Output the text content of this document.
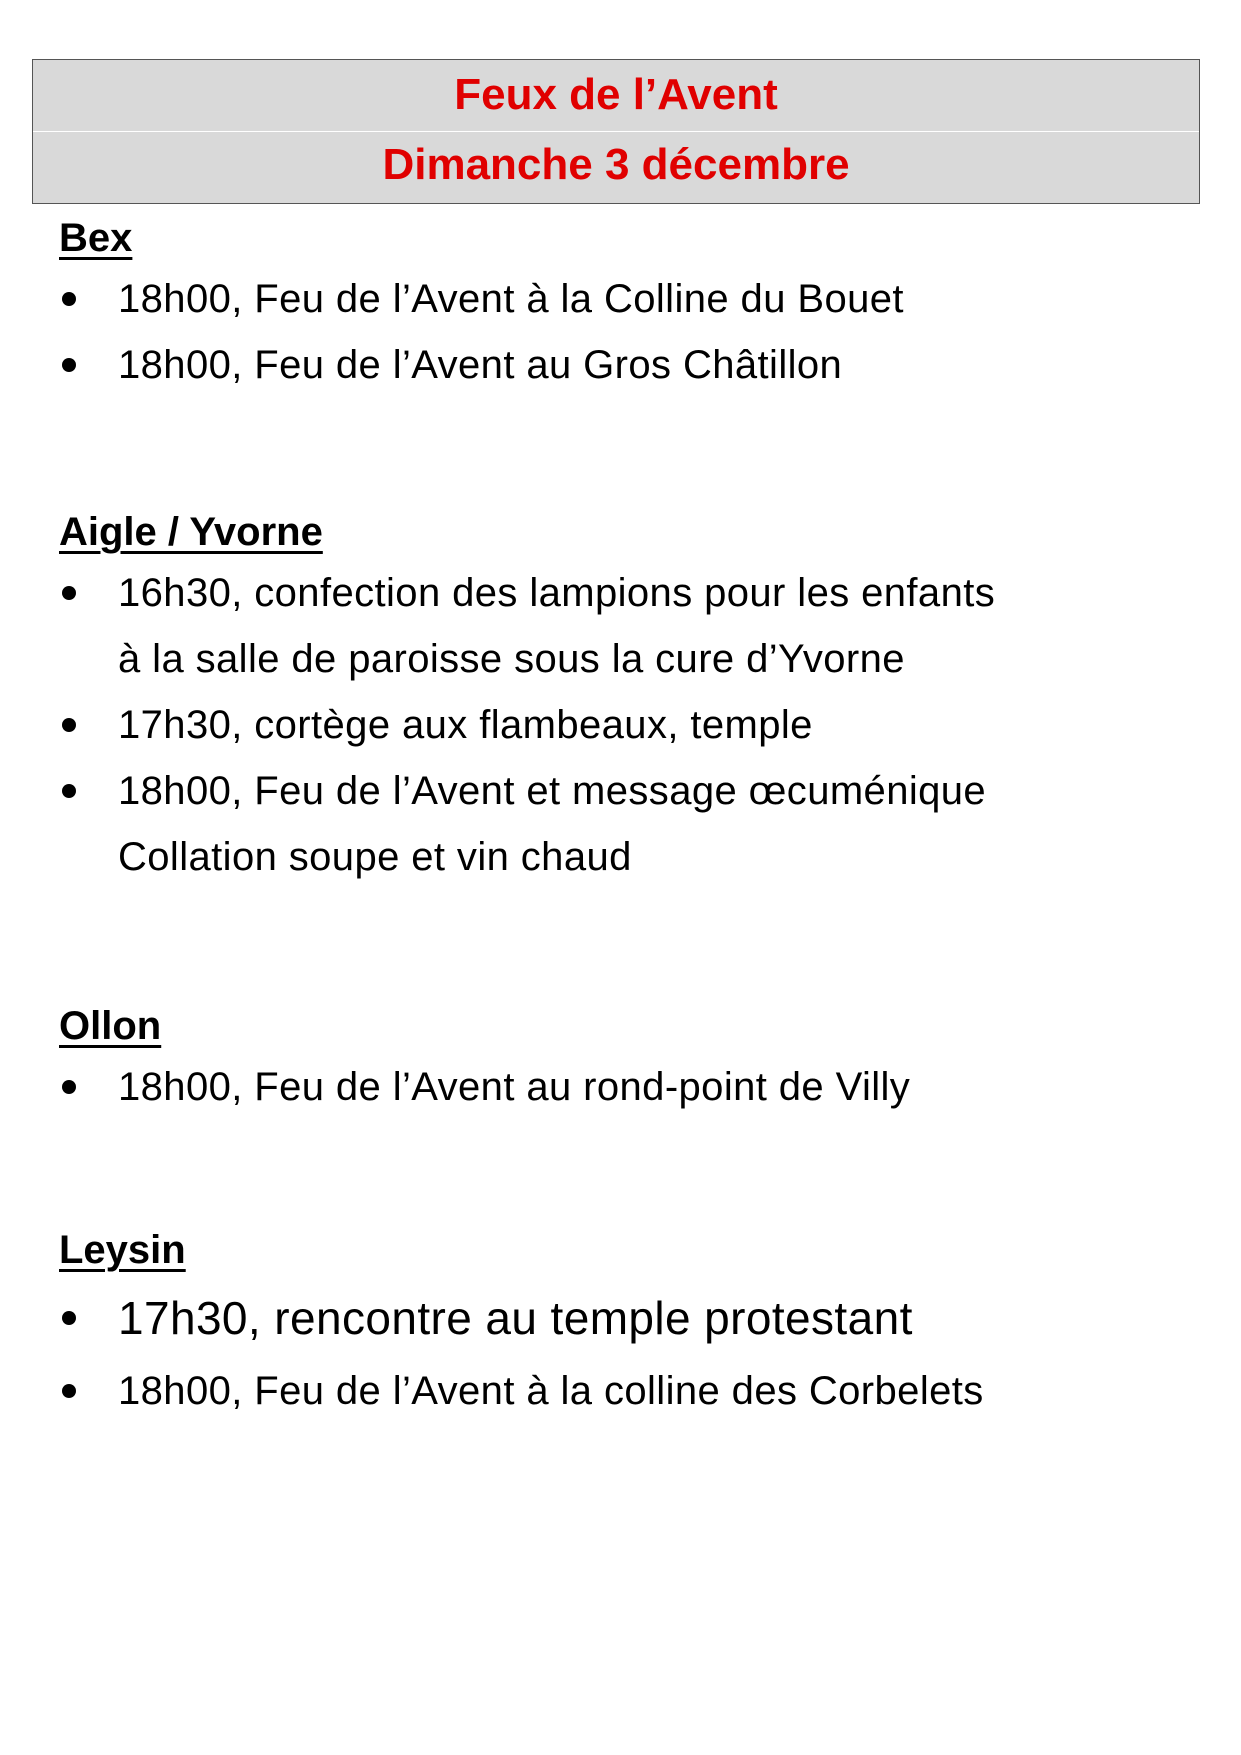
Feux de l’Avent
Dimanche 3 décembre
Bex
18h00, Feu de l’Avent à la Colline du Bouet
18h00, Feu de l’Avent au Gros Châtillon
Aigle / Yvorne
16h30, confection des lampions pour les enfants
à la salle de paroisse sous la cure d’Yvorne
17h30, cortège aux flambeaux, temple
18h00, Feu de l’Avent et message œcuménique
Collation soupe et vin chaud
Ollon
18h00, Feu de l’Avent au rond-point de Villy
Leysin
17h30, rencontre au temple protestant
18h00, Feu de l’Avent à la colline des Corbelets
